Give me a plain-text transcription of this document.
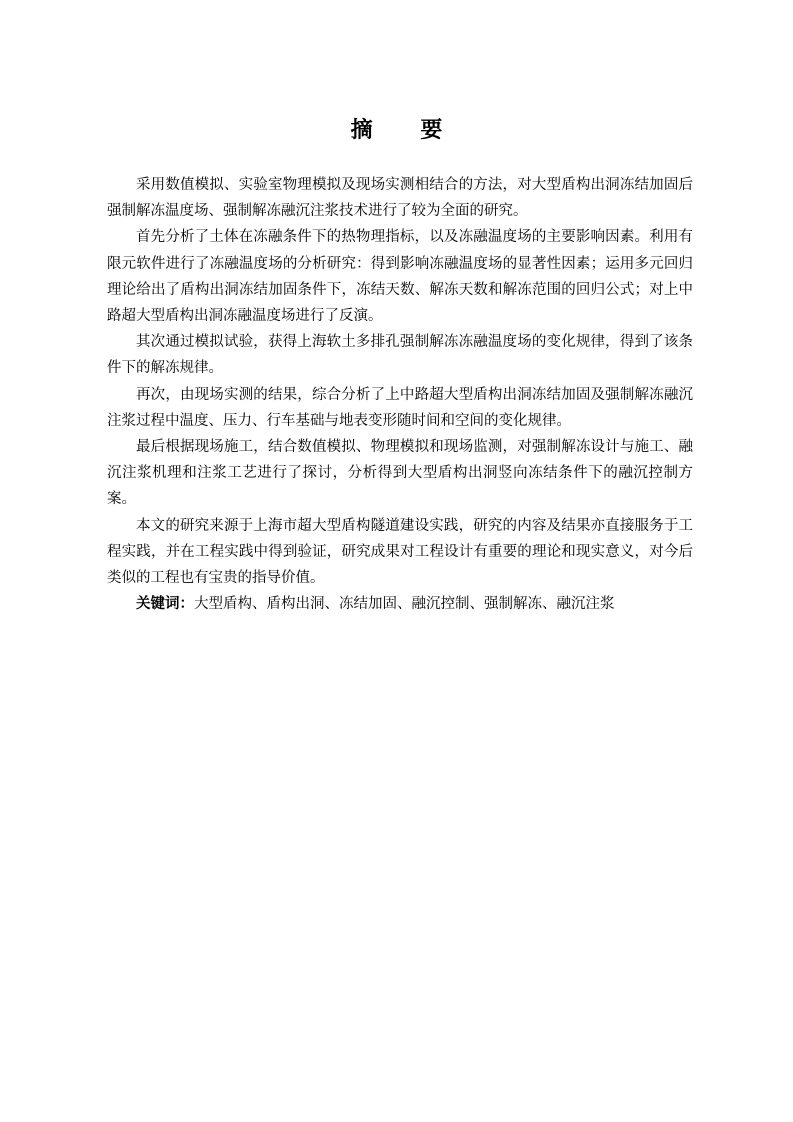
摘 要

采用数值模拟、实验室物理模拟及现场实测相结合的方法，对大型盾构出洞冻结加固后强制解冻温度场、强制解冻融沉注浆技术进行了较为全面的研究。

首先分析了土体在冻融条件下的热物理指标，以及冻融温度场的主要影响因素。利用有限元软件进行了冻融温度场的分析研究：得到影响冻融温度场的显著性因素；运用多元回归理论给出了盾构出洞冻结加固条件下，冻结天数、解冻天数和解冻范围的回归公式；对上中路超大型盾构出洞冻融温度场进行了反演。

其次通过模拟试验，获得上海软土多排孔强制解冻冻融温度场的变化规律，得到了该条件下的解冻规律。

再次，由现场实测的结果，综合分析了上中路超大型盾构出洞冻结加固及强制解冻融沉注浆过程中温度、压力、行车基础与地表变形随时间和空间的变化规律。

最后根据现场施工，结合数值模拟、物理模拟和现场监测，对强制解冻设计与施工、融沉注浆机理和注浆工艺进行了探讨，分析得到大型盾构出洞竖向冻结条件下的融沉控制方案。

本文的研究来源于上海市超大型盾构隧道建设实践，研究的内容及结果亦直接服务于工程实践，并在工程实践中得到验证，研究成果对工程设计有重要的理论和现实意义，对今后类似的工程也有宝贵的指导价值。

关键词：大型盾构、盾构出洞、冻结加固、融沉控制、强制解冻、融沉注浆
